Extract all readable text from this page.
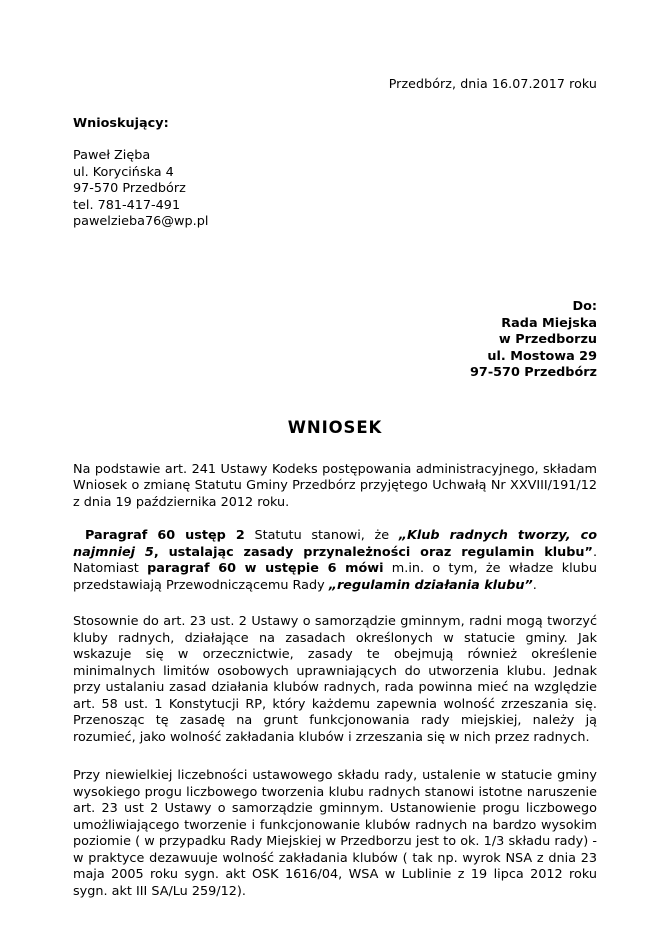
Przedbórz, dnia 16.07.2017 roku
Wnioskujący:
Paweł Zięba
ul. Korycińska 4
97-570 Przedbórz
tel. 781-417-491
pawelzieba76@wp.pl
Do:
Rada Miejska
w Przedborzu
ul. Mostowa 29
97-570 Przedbórz
WNIOSEK

Na podstawie art. 241 Ustawy Kodeks postępowania administracyjnego, składam Wniosek o zmianę Statutu Gminy Przedbórz przyjętego Uchwałą Nr XXVIII/191/12 z dnia 19 października 2012 roku.

Paragraf 60 ustęp 2 Statutu stanowi, że „Klub radnych tworzy, co najmniej 5, ustalając zasady przynależności oraz regulamin klubu”. Natomiast paragraf 60 w ustępie 6 mówi m.in. o tym, że władze klubu przedstawiają Przewodniczącemu Rady „regulamin działania klubu”.

Stosownie do art. 23 ust. 2 Ustawy o samorządzie gminnym, radni mogą tworzyć kluby radnych, działające na zasadach określonych w statucie gminy. Jak wskazuje się w orzecznictwie, zasady te obejmują również określenie minimalnych limitów osobowych uprawniających do utworzenia klubu. Jednak przy ustalaniu zasad działania klubów radnych, rada powinna mieć na względzie art. 58 ust. 1 Konstytucji RP, który każdemu zapewnia wolność zrzeszania się. Przenosząc tę zasadę na grunt funkcjonowania rady miejskiej, należy ją rozumieć, jako wolność zakładania klubów i zrzeszania się w nich przez radnych.

Przy niewielkiej liczebności ustawowego składu rady, ustalenie w statucie gminy wysokiego progu liczbowego tworzenia klubu radnych stanowi istotne naruszenie art. 23 ust 2 Ustawy o samorządzie gminnym. Ustanowienie progu liczbowego umożliwiającego tworzenie i funkcjonowanie klubów radnych na bardzo wysokim poziomie ( w przypadku Rady Miejskiej w Przedborzu jest to ok. 1/3 składu rady) - w praktyce dezawuuje wolność zakładania klubów ( tak np. wyrok NSA z dnia 23 maja 2005 roku sygn. akt OSK 1616/04, WSA w Lublinie z 19 lipca 2012 roku sygn. akt III SA/Lu 259/12).
